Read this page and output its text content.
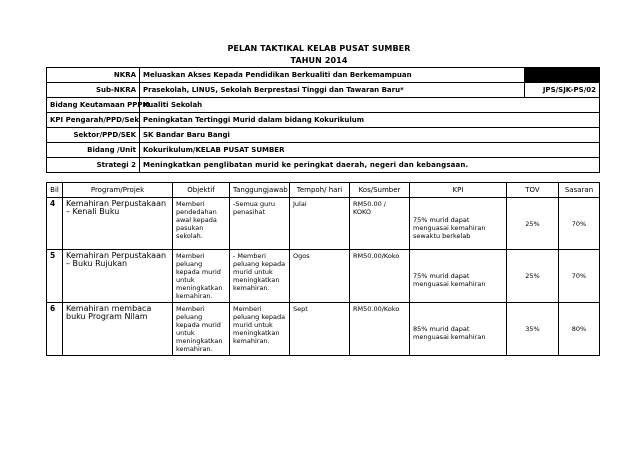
PELAN TAKTIKAL KELAB PUSAT SUMBER
TAHUN 2014
NKRA	Meluaskan Akses Kepada Pendidikan Berkualiti dan Berkemampuan	
Sub-NKRA	Prasekolah, LINUS, Sekolah Berprestasi Tinggi dan Tawaran Baru*	JPS/SJK-PS/02
Bidang Keutamaan PPPM	Kualiti Sekolah	
KPI Pengarah/PPD/Sek	Peningkatan Tertinggi Murid dalam bidang Kokurikulum	
Sektor/PPD/SEK	SK Bandar Baru Bangi	
Bidang /Unit	Kokurikulum/KELAB PUSAT SUMBER	
Strategi 2	Meningkatkan penglibatan murid ke peringkat daerah, negeri dan kebangsaan.	
Bil	Program/Projek	Objektif	Tanggungjawab	Tempoh/ hari	Kos/Sumber	KPI	TOV	Sasaran
4	Kemahiran Perpustakaan – Kenali Buku	Memberi pendedahan awal kepada pasukan sekolah.	-Semua guru penasihat	Julai	RM50.00 / KOKO	75% murid dapat menguasai kemahiran sewaktu berkelab	25%	70%
5	Kemahiran Perpustakaan – Buku Rujukan	Memberi peluang kepada murid untuk meningkatkan kemahiran.	- Memberi peluang kepada murid untuk meningkatkan kemahiran.	Ogos	RM50.00/Koko	75% murid dapat menguasai kemahiran	25%	70%
6	Kemahiran membaca buku Program Nilam	Memberi peluang kepada murid untuk meningkatkan kemahiran.	Memberi peluang kepada murid untuk meningkatkan kemahiran.	Sept	RM50.00/Koko	85% murid dapat menguasai kemahiran	35%	80%
